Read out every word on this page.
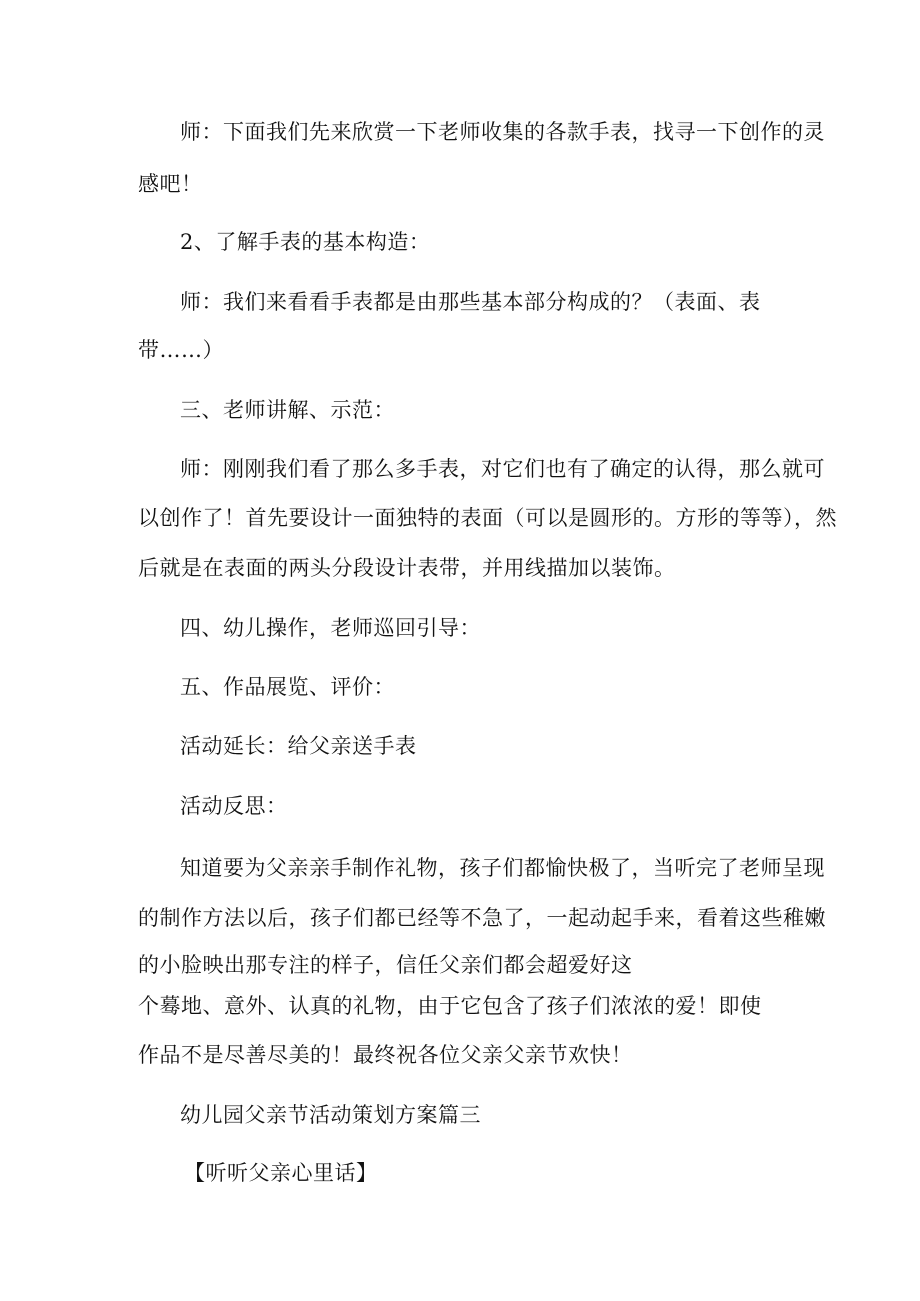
师：下面我们先来欣赏一下老师收集的各款手表，找寻一下创作的灵
感吧！
2、了解手表的基本构造：
师：我们来看看手表都是由那些基本部分构成的？（表面、表
带……）
三、老师讲解、示范：
师：刚刚我们看了那么多手表，对它们也有了确定的认得，那么就可
以创作了！首先要设计一面独特的表面（可以是圆形的。方形的等等），然
后就是在表面的两头分段设计表带，并用线描加以装饰。
四、幼儿操作，老师巡回引导：
五、作品展览、评价：
活动延长：给父亲送手表
活动反思：
知道要为父亲亲手制作礼物，孩子们都愉快极了，当听完了老师呈现
的制作方法以后，孩子们都已经等不急了，一起动起手来，看着这些稚嫩
的小脸映出那专注的样子，信任父亲们都会超爱好这
个蓦地、意外、认真的礼物，由于它包含了孩子们浓浓的爱！即使
作品不是尽善尽美的！最终祝各位父亲父亲节欢快！
幼儿园父亲节活动策划方案篇三
【听听父亲心里话】
